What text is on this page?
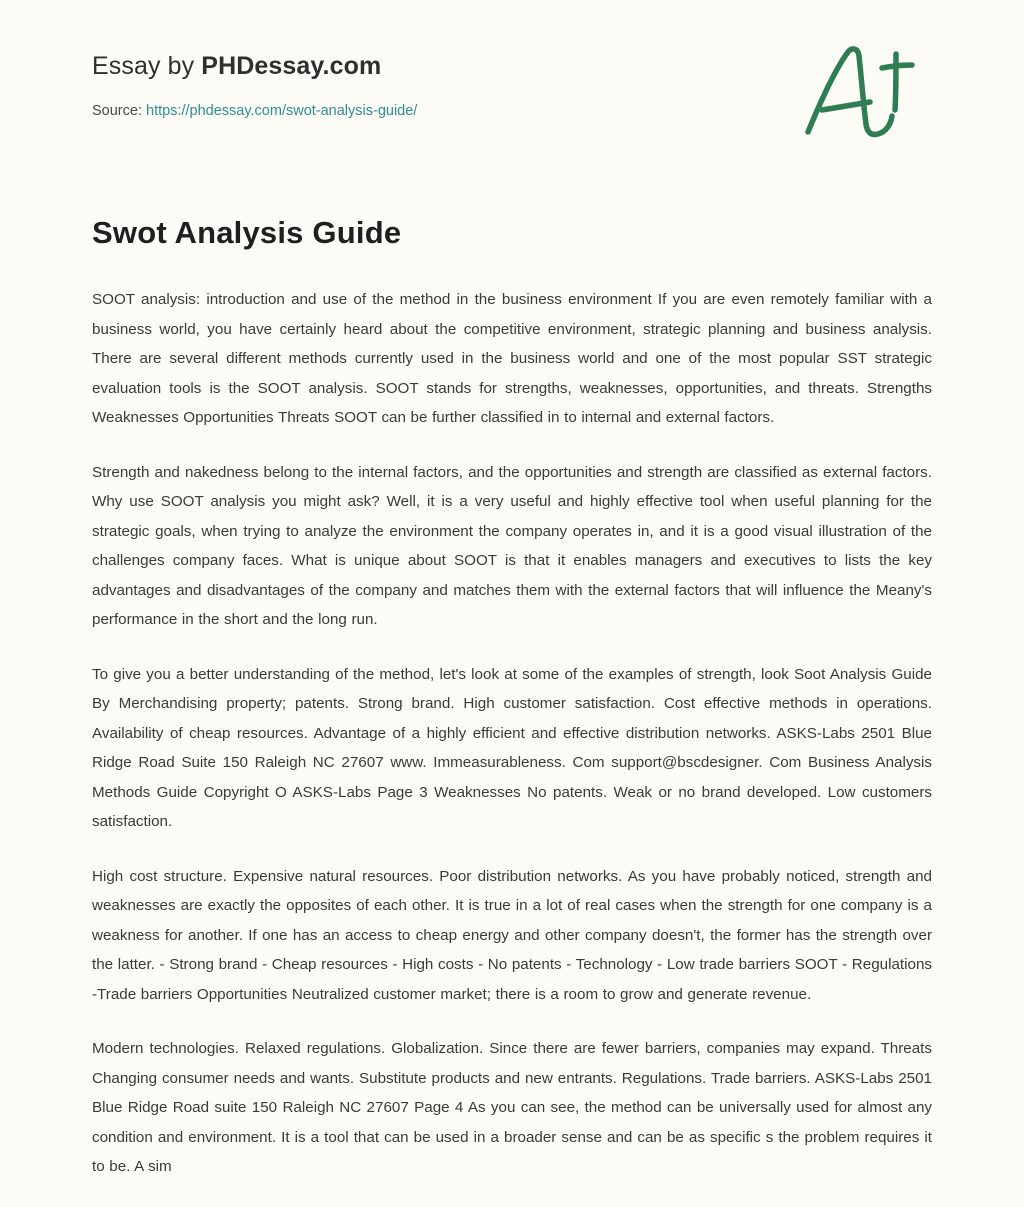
Essay by PHDessay.com
Source: https://phdessay.com/swot-analysis-guide/
Swot Analysis Guide

SOOT analysis: introduction and use of the method in the business environment If you are even remotely familiar with a business world, you have certainly heard about the competitive environment, strategic planning and business analysis. There are several different methods currently used in the business world and one of the most popular SST strategic evaluation tools is the SOOT analysis. SOOT stands for strengths, weaknesses, opportunities, and threats. Strengths Weaknesses Opportunities Threats SOOT can be further classified in to internal and external factors.

Strength and nakedness belong to the internal factors, and the opportunities and strength are classified as external factors. Why use SOOT analysis you might ask? Well, it is a very useful and highly effective tool when useful planning for the strategic goals, when trying to analyze the environment the company operates in, and it is a good visual illustration of the challenges company faces. What is unique about SOOT is that it enables managers and executives to lists the key advantages and disadvantages of the company and matches them with the external factors that will influence the Meany's performance in the short and the long run.

To give you a better understanding of the method, let's look at some of the examples of strength, look Soot Analysis Guide By Merchandising property; patents. Strong brand. High customer satisfaction. Cost effective methods in operations. Availability of cheap resources. Advantage of a highly efficient and effective distribution networks. ASKS-Labs 2501 Blue Ridge Road Suite 150 Raleigh NC 27607 www. Immeasurableness. Com support@bscdesigner. Com Business Analysis Methods Guide Copyright O ASKS-Labs Page 3 Weaknesses No patents. Weak or no brand developed. Low customers satisfaction.

High cost structure. Expensive natural resources. Poor distribution networks. As you have probably noticed, strength and weaknesses are exactly the opposites of each other. It is true in a lot of real cases when the strength for one company is a weakness for another. If one has an access to cheap energy and other company doesn't, the former has the strength over the latter. - Strong brand - Cheap resources - High costs - No patents - Technology - Low trade barriers SOOT - Regulations -Trade barriers Opportunities Neutralized customer market; there is a room to grow and generate revenue.

Modern technologies. Relaxed regulations. Globalization. Since there are fewer barriers, companies may expand. Threats Changing consumer needs and wants. Substitute products and new entrants. Regulations. Trade barriers. ASKS-Labs 2501 Blue Ridge Road suite 150 Raleigh NC 27607 Page 4 As you can see, the method can be universally used for almost any condition and environment. It is a tool that can be used in a broader sense and can be as specific s the problem requires it to be. A sim
